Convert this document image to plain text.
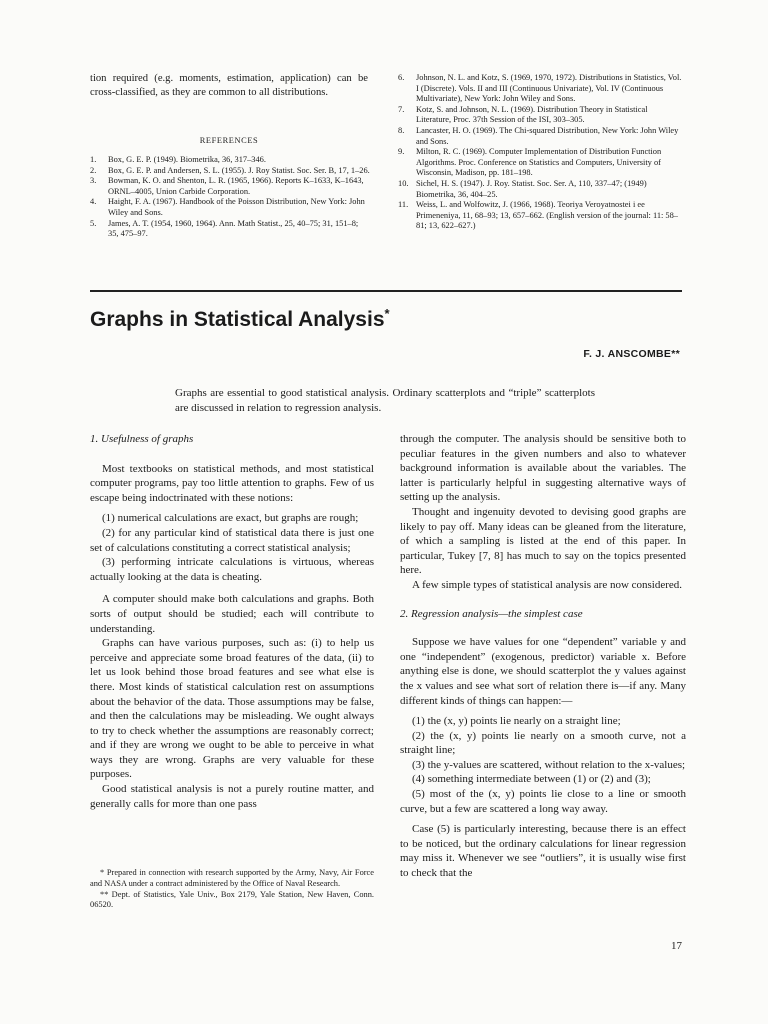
tion required (e.g. moments, estimation, application) can be cross-classified, as they are common to all distributions.

REFERENCES

1. Box, G. E. P. (1949). Biometrika, 36, 317–346.

2. Box, G. E. P. and Andersen, S. L. (1955). J. Roy Statist. Soc. Ser. B, 17, 1–26.

3. Bowman, K. O. and Shenton, L. R. (1965, 1966). Reports K–1633, K–1643, ORNL–4005, Union Carbide Corporation.

4. Haight, F. A. (1967). Handbook of the Poisson Distribution, New York: John Wiley and Sons.

5. James, A. T. (1954, 1960, 1964). Ann. Math Statist., 25, 40–75; 31, 151–8; 35, 475–97.

6. Johnson, N. L. and Kotz, S. (1969, 1970, 1972). Distributions in Statistics, Vol. I (Discrete). Vols. II and III (Continuous Univariate), Vol. IV (Continuous Multivariate), New York: John Wiley and Sons.

7. Kotz, S. and Johnson, N. L. (1969). Distribution Theory in Statistical Literature, Proc. 37th Session of the ISI, 303–305.

8. Lancaster, H. O. (1969). The Chi-squared Distribution, New York: John Wiley and Sons.

9. Milton, R. C. (1969). Computer Implementation of Distribution Function Algorithms. Proc. Conference on Statistics and Computers, University of Wisconsin, Madison, pp. 181–198.

10. Sichel, H. S. (1947). J. Roy. Statist. Soc. Ser. A, 110, 337–47; (1949) Biometrika, 36, 404–25.

11. Weiss, L. and Wolfowitz, J. (1966, 1968). Teoriya Veroyatnostei i ee Primeneniya, 11, 68–93; 13, 657–662. (English version of the journal: 11: 58–81; 13, 622–627.)

Graphs in Statistical Analysis*
F. J. ANSCOMBE**
Graphs are essential to good statistical analysis. Ordinary scatterplots and “triple” scatterplots are discussed in relation to regression analysis.

1. Usefulness of graphs

Most textbooks on statistical methods, and most statistical computer programs, pay too little attention to graphs. Few of us escape being indoctrinated with these notions:

(1) numerical calculations are exact, but graphs are rough;

(2) for any particular kind of statistical data there is just one set of calculations constituting a correct statistical analysis;

(3) performing intricate calculations is virtuous, whereas actually looking at the data is cheating.

A computer should make both calculations and graphs. Both sorts of output should be studied; each will contribute to understanding.

Graphs can have various purposes, such as: (i) to help us perceive and appreciate some broad features of the data, (ii) to let us look behind those broad features and see what else is there. Most kinds of statistical calculation rest on assumptions about the behavior of the data. Those assumptions may be false, and then the calculations may be misleading. We ought always to try to check whether the assumptions are reasonably correct; and if they are wrong we ought to be able to perceive in what ways they are wrong. Graphs are very valuable for these purposes.

Good statistical analysis is not a purely routine matter, and generally calls for more than one pass

* Prepared in connection with research supported by the Army, Navy, Air Force and NASA under a contract administered by the Office of Naval Research.

** Dept. of Statistics, Yale Univ., Box 2179, Yale Station, New Haven, Conn. 06520.

through the computer. The analysis should be sensitive both to peculiar features in the given numbers and also to whatever background information is available about the variables. The latter is particularly helpful in suggesting alternative ways of setting up the analysis.

Thought and ingenuity devoted to devising good graphs are likely to pay off. Many ideas can be gleaned from the literature, of which a sampling is listed at the end of this paper. In particular, Tukey [7, 8] has much to say on the topics presented here.

A few simple types of statistical analysis are now considered.

2. Regression analysis—the simplest case

Suppose we have values for one “dependent” variable y and one “independent” (exogenous, predictor) variable x. Before anything else is done, we should scatterplot the y values against the x values and see what sort of relation there is—if any. Many different kinds of things can happen:—

(1) the (x, y) points lie nearly on a straight line;

(2) the (x, y) points lie nearly on a smooth curve, not a straight line;

(3) the y-values are scattered, without relation to the x-values;

(4) something intermediate between (1) or (2) and (3);

(5) most of the (x, y) points lie close to a line or smooth curve, but a few are scattered a long way away.

Case (5) is particularly interesting, because there is an effect to be noticed, but the ordinary calculations for linear regression may miss it. Whenever we see “outliers”, it is usually wise first to check that the

17
